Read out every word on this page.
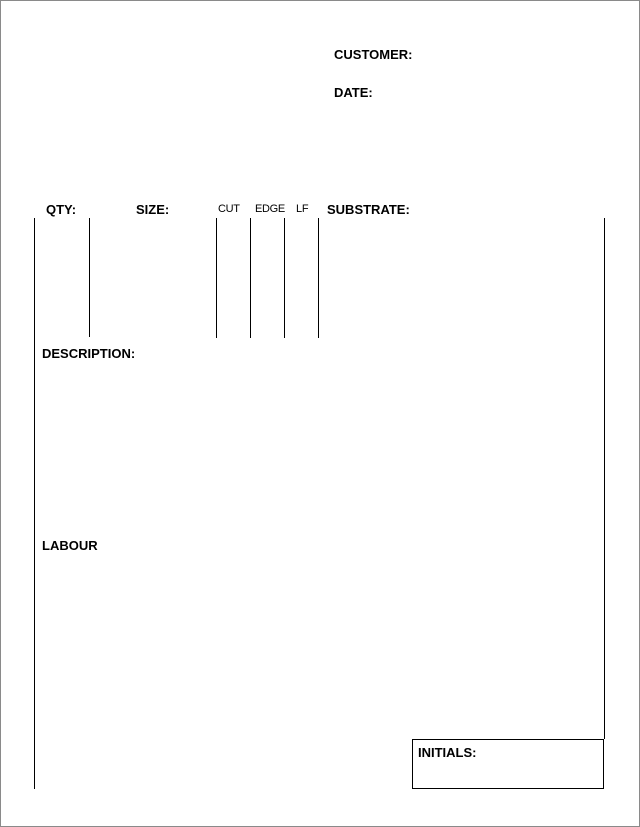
CUSTOMER:
DATE:
QTY:	SIZE:	CUT EDGE LF SUBSTRATE:
DESCRIPTION:
LABOUR
INITIALS:
